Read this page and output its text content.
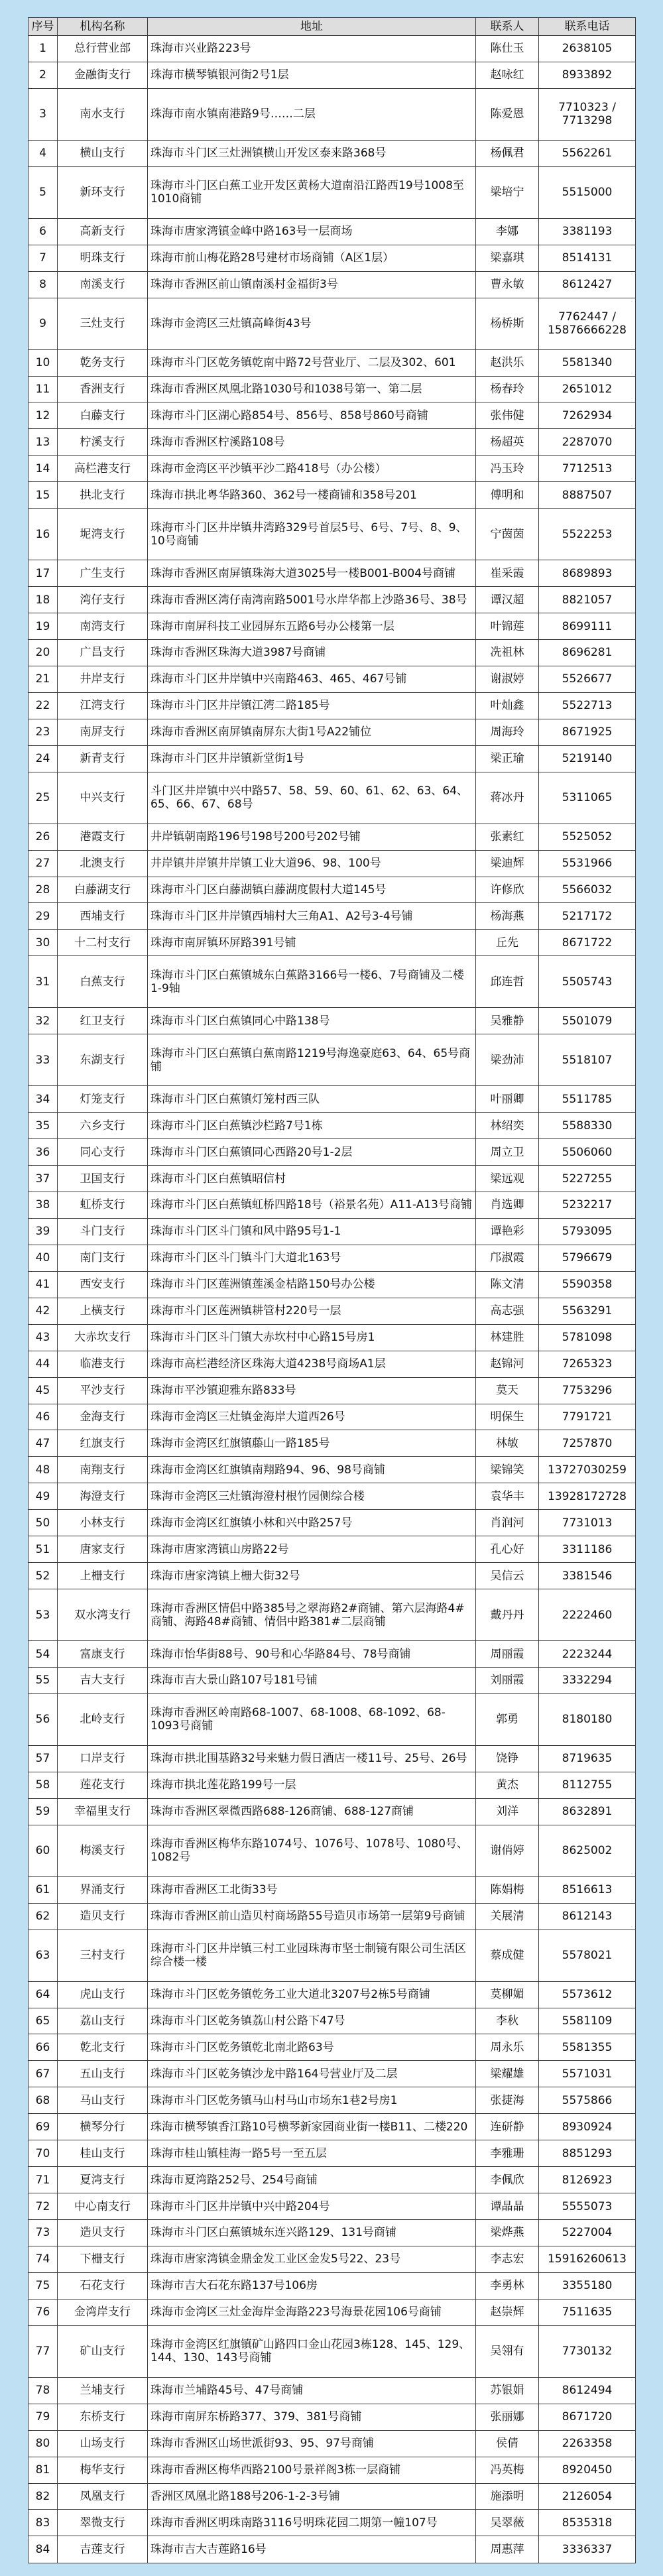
序号	机构名称	地址	联系人	联系电话
1	总行营业部	珠海市兴业路223号	陈仕玉	2638105
2	金融街支行	珠海市横琴镇银河街2号1层	赵咏红	8933892
3	南水支行	珠海市南水镇南港路9号……二层	陈爱恩	7710323 / 7713298
4	横山支行	珠海市斗门区三灶洲镇横山开发区泰来路368号	杨佩君	5562261
5	新环支行	珠海市斗门区白蕉工业开发区黄杨大道南沿江路西19号1008至1010商铺	梁培宁	5515000
6	高新支行	珠海市唐家湾镇金峰中路163号一层商场	李娜	3381193
7	明珠支行	珠海市前山梅花路28号建材市场商铺（A区1层）	梁嘉琪	8514131
8	南溪支行	珠海市香洲区前山镇南溪村金福街3号	曹永敏	8612427
9	三灶支行	珠海市金湾区三灶镇高峰街43号	杨桥斯	7762447 / 15876666228
10	乾务支行	珠海市斗门区乾务镇乾南中路72号营业厅、二层及302、601	赵洪乐	5581340
11	香洲支行	珠海市香洲区凤凰北路1030号和1038号第一、第二层	杨春玲	2651012
12	白藤支行	珠海市斗门区湖心路854号、856号、858号860号商铺	张伟健	7262934
13	柠溪支行	珠海市香洲区柠溪路108号	杨超英	2287070
14	高栏港支行	珠海市金湾区平沙镇平沙二路418号（办公楼）	冯玉玲	7712513
15	拱北支行	珠海市拱北粤华路360、362号一楼商铺和358号201	傅明和	8887507
16	坭湾支行	珠海市斗门区井岸镇井湾路329号首层5号、6号、7号、8、9、10号商铺	宁茵茵	5522253
17	广生支行	珠海市香洲区南屏镇珠海大道3025号一楼B001-B004号商铺	崔采霞	8689893
18	湾仔支行	珠海市香洲区湾仔南湾南路5001号水岸华都上沙路36号、38号	谭汉超	8821057
19	南湾支行	珠海市南屏科技工业园屏东五路6号办公楼第一层	叶锦莲	8699111
20	广昌支行	珠海市香洲区珠海大道3987号商铺	冼祖林	8696281
21	井岸支行	珠海市斗门区井岸镇中兴南路463、465、467号铺	谢淑婷	5526677
22	江湾支行	珠海市斗门区井岸镇江湾二路185号	叶灿鑫	5522713
23	南屏支行	珠海市香洲区南屏镇南屏东大街1号A22铺位	周海玲	8671925
24	新青支行	珠海市斗门区井岸镇新堂街1号	梁正瑜	5219140
25	中兴支行	斗门区井岸镇中兴中路57、58、59、60、61、62、63、64、65、66、67、68号	蒋冰丹	5311065
26	港霞支行	井岸镇朝南路196号198号200号202号铺	张素红	5525052
27	北澳支行	井岸镇井岸镇井岸镇工业大道96、98、100号	梁迪辉	5531966
28	白藤湖支行	珠海市斗门区白藤湖镇白藤湖度假村大道145号	许修欣	5566032
29	西埔支行	珠海市斗门区井岸镇西埔村大三角A1、A2号3-4号铺	杨海燕	5217172
30	十二村支行	珠海市南屏镇环屏路391号铺	丘先	8671722
31	白蕉支行	珠海市斗门区白蕉镇城东白蕉路3166号一楼6、7号商铺及二楼1-9轴	邱连哲	5505743
32	红卫支行	珠海市斗门区白蕉镇同心中路138号	吴雅静	5501079
33	东湖支行	珠海市斗门区白蕉镇白蕉南路1219号海逸豪庭63、64、65号商铺	梁劲沛	5518107
34	灯笼支行	珠海市斗门区白蕉镇灯笼村西三队	叶丽卿	5511785
35	六乡支行	珠海市斗门区白蕉镇沙栏路7号1栋	林绍奕	5588330
36	同心支行	珠海市斗门区白蕉镇同心西路20号1-2层	周立卫	5506060
37	卫国支行	珠海市斗门区白蕉镇昭信村	梁远观	5227255
38	虹桥支行	珠海市斗门区白蕉镇虹桥四路18号（裕景名苑）A11-A13号商铺	肖选卿	5232217
39	斗门支行	珠海市斗门区斗门镇和风中路95号1-1	谭艳彩	5793095
40	南门支行	珠海市斗门区斗门镇斗门大道北163号	邝淑霞	5796679
41	西安支行	珠海市斗门区莲洲镇莲溪金桔路150号办公楼	陈文清	5590358
42	上横支行	珠海市斗门区莲洲镇耕管村220号一层	高志强	5563291
43	大赤坎支行	珠海市斗门区斗门镇大赤坎村中心路15号房1	林建胜	5781098
44	临港支行	珠海市高栏港经济区珠海大道4238号商场A1层	赵锦河	7265323
45	平沙支行	珠海市平沙镇迎雅东路833号	莫天	7753296
46	金海支行	珠海市金湾区三灶镇金海岸大道西26号	明保生	7791721
47	红旗支行	珠海市金湾区红旗镇藤山一路185号	林敏	7257870
48	南翔支行	珠海市金湾区红旗镇南翔路94、96、98号商铺	梁锦笑	13727030259
49	海澄支行	珠海市金湾区三灶镇海澄村根竹园侧综合楼	袁华丰	13928172728
50	小林支行	珠海市金湾区红旗镇小林和兴中路257号	肖润河	7731013
51	唐家支行	珠海市唐家湾镇山房路22号	孔心好	3311186
52	上栅支行	珠海市唐家湾镇上栅大街32号	吴信云	3381546
53	双水湾支行	珠海市香洲区情侣中路385号之翠海路2#商铺、第六层海路4#商铺、海路48#商铺、情侣中路381#二层商铺	戴丹丹	2222460
54	富康支行	珠海市怡华街88号、90号和心华路84号、78号商铺	周丽霞	2223244
55	吉大支行	珠海市吉大景山路107号181号铺	刘丽霞	3332294
56	北岭支行	珠海市香洲区岭南路68-1007、68-1008、68-1092、68-1093号商铺	郭勇	8180180
57	口岸支行	珠海市拱北围基路32号来魅力假日酒店一楼11号、25号、26号	饶铮	8719635
58	莲花支行	珠海市拱北莲花路199号一层	黄杰	8112755
59	幸福里支行	珠海市香洲区翠微西路688-126商铺、688-127商铺	刘洋	8632891
60	梅溪支行	珠海市香洲区梅华东路1074号、1076号、1078号、1080号、1082号	谢俏婷	8625002
61	界涌支行	珠海市香洲区工北街33号	陈娟梅	8516613
62	造贝支行	珠海市香洲区前山造贝村商场路55号造贝市场第一层第9号商铺	关展清	8612143
63	三村支行	珠海市斗门区井岸镇三村工业园珠海市坚士制镜有限公司生活区综合楼一楼	蔡成健	5578021
64	虎山支行	珠海市斗门区乾务镇乾务工业大道北3207号2栋5号商铺	莫柳媚	5573612
65	荔山支行	珠海市斗门区乾务镇荔山村公路下47号	李秋	5581109
66	乾北支行	珠海市斗门区乾务镇乾北南北路63号	周永乐	5581355
67	五山支行	珠海市斗门区乾务镇沙龙中路164号营业厅及二层	梁耀雄	5571031
68	马山支行	珠海市斗门区乾务镇马山村马山市场东1巷2号房1	张捷海	5575866
69	横琴分行	珠海市横琴镇香江路10号横琴新家园商业街一楼B11、二楼220	连研静	8930924
70	桂山支行	珠海市桂山镇桂海一路5号一至五层	李雅珊	8851293
71	夏湾支行	珠海市夏湾路252号、254号商铺	李佩欣	8126923
72	中心南支行	珠海市斗门区井岸镇中兴中路204号	谭晶晶	5555073
73	造贝支行	珠海市斗门区白蕉镇城东连兴路129、131号商铺	梁烨燕	5227004
74	下栅支行	珠海市唐家湾镇金鼎金发工业区金发5号22、23号	李志宏	15916260613
75	石花支行	珠海市吉大石花东路137号106房	李勇林	3355180
76	金湾岸支行	珠海市金湾区三灶金海岸金海路223号海景花园106号商铺	赵崇辉	7511635
77	矿山支行	珠海市金湾区红旗镇矿山路四口金山花园3栋128、145、129、144、130、143号商铺	吴翎有	7730132
78	兰埔支行	珠海市兰埔路45号、47号商铺	苏银娟	8612494
79	东桥支行	珠海市南屏东桥路377、379、381号商铺	张丽娜	8671720
80	山场支行	珠海市香洲区山场世派街93、95、97号商铺	侯倩	2263358
81	梅华支行	珠海市香洲区梅华西路2100号景祥阁3栋一层商铺	冯英梅	8920450
82	凤凰支行	香洲区凤凰北路188号206-1-2-3号铺	施添明	2126054
83	翠微支行	珠海市香洲区明珠南路3116号明珠花园二期第一幢107号	吴翠薇	8535318
84	吉莲支行	珠海市吉大吉莲路16号	周惠萍	3336337
